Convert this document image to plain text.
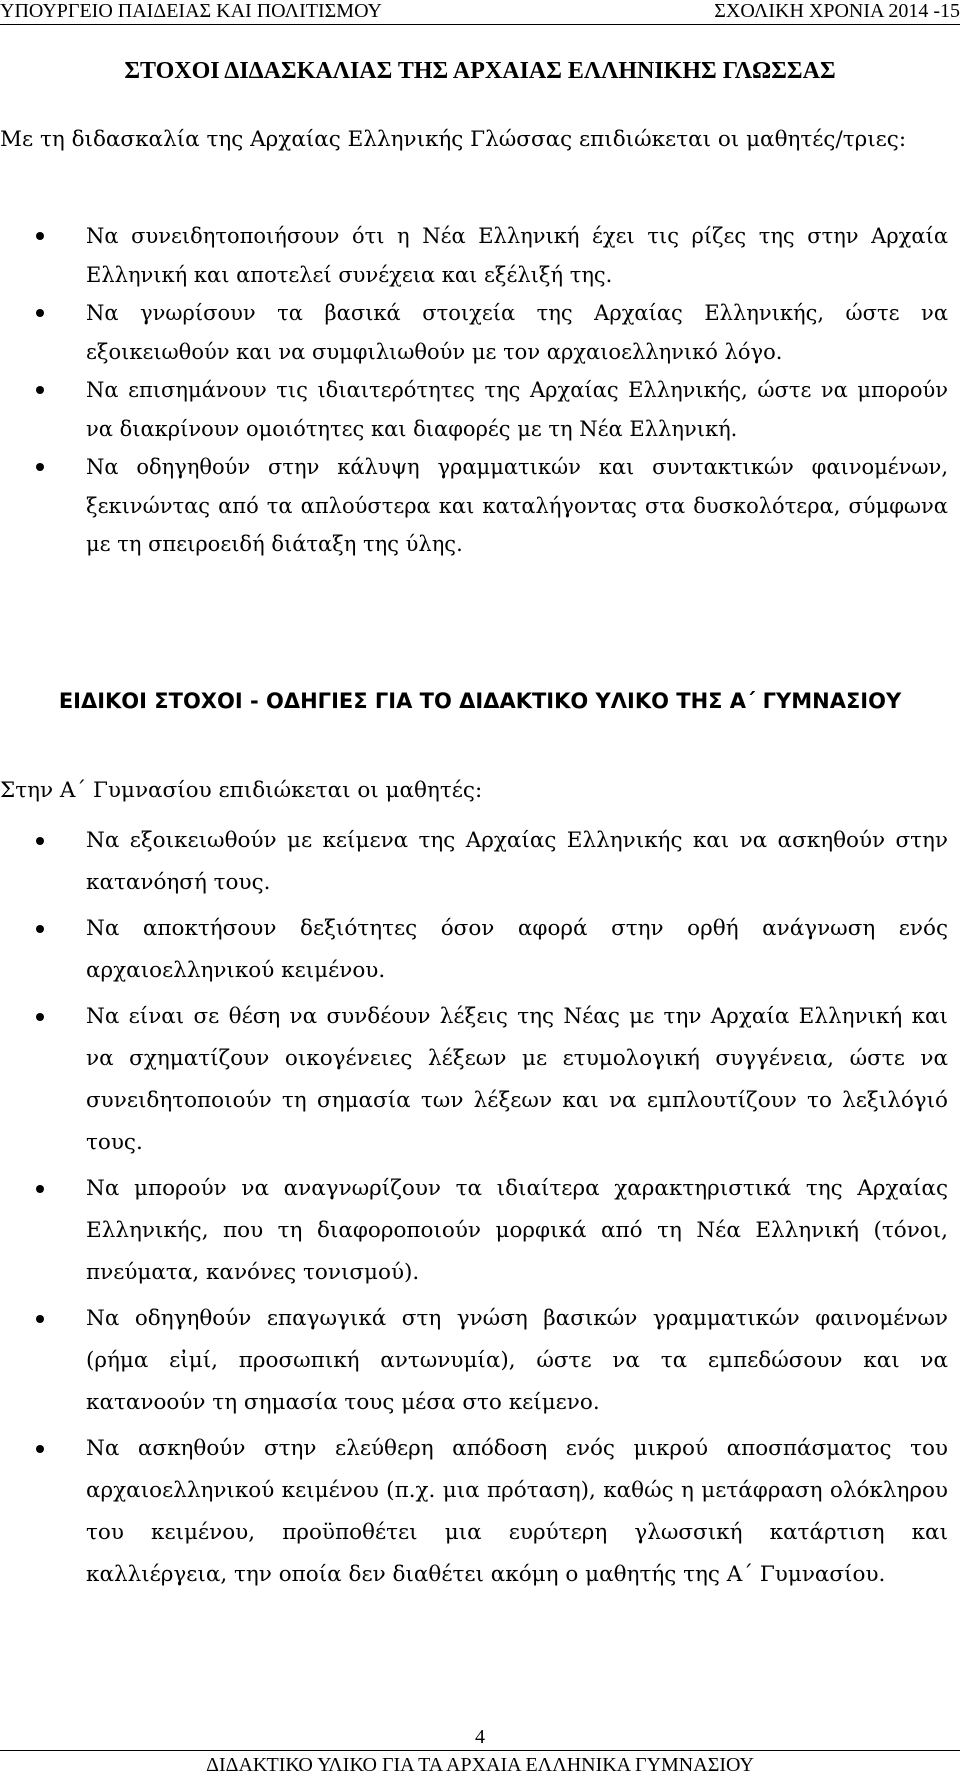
ΥΠΟΥΡΓΕΙΟ ΠΑΙΔΕΙΑΣ ΚΑΙ ΠΟΛΙΤΙΣΜΟΥ	ΣΧΟΛΙΚΗ ΧΡΟΝΙΑ 2014 -15
ΣΤΟΧΟΙ ΔΙΔΑΣΚΑΛΙΑΣ ΤΗΣ ΑΡΧΑΙΑΣ ΕΛΛΗΝΙΚΗΣ ΓΛΩΣΣΑΣ

Με τη διδασκαλία της Αρχαίας Ελληνικής Γλώσσας επιδιώκεται οι μαθητές/τριες:

Να συνειδητοποιήσουν ότι η Νέα Ελληνική έχει τις ρίζες της στην Αρχαία Ελληνική και αποτελεί συνέχεια και εξέλιξή της.
Να γνωρίσουν τα βασικά στοιχεία της Αρχαίας Ελληνικής, ώστε να εξοικειωθούν και να συμφιλιωθούν με τον αρχαιοελληνικό λόγο.
Να επισημάνουν τις ιδιαιτερότητες της Αρχαίας Ελληνικής, ώστε να μπορούν να διακρίνουν ομοιότητες και διαφορές με τη Νέα Ελληνική.
Να οδηγηθούν στην κάλυψη γραμματικών και συντακτικών φαινομένων, ξεκινώντας από τα απλούστερα και καταλήγοντας στα δυσκολότερα, σύμφωνα με τη σπειροειδή διάταξη της ύλης.
ΕΙΔΙΚΟΙ ΣΤΟΧΟΙ - ΟΔΗΓΙΕΣ ΓΙΑ ΤΟ ΔΙΔΑΚΤΙΚΟ ΥΛΙΚΟ ΤΗΣ Α΄ ΓΥΜΝΑΣΙΟΥ

Στην Α΄ Γυμνασίου επιδιώκεται οι μαθητές:

Να εξοικειωθούν με κείμενα της Αρχαίας Ελληνικής και να ασκηθούν στην κατανόησή τους.
Να αποκτήσουν δεξιότητες όσον αφορά στην ορθή ανάγνωση ενός αρχαιοελληνικού κειμένου.
Να είναι σε θέση να συνδέουν λέξεις της Νέας με την Αρχαία Ελληνική και να σχηματίζουν οικογένειες λέξεων με ετυμολογική συγγένεια, ώστε να συνειδητοποιούν τη σημασία των λέξεων και να εμπλουτίζουν το λεξιλόγιό τους.
Να μπορούν να αναγνωρίζουν τα ιδιαίτερα χαρακτηριστικά της Αρχαίας Ελληνικής, που τη διαφοροποιούν μορφικά από τη Νέα Ελληνική (τόνοι, πνεύματα, κανόνες τονισμού).
Να οδηγηθούν επαγωγικά στη γνώση βασικών γραμματικών φαινομένων (ρήμα εἰμί, προσωπική αντωνυμία), ώστε να τα εμπεδώσουν και να κατανοούν τη σημασία τους μέσα στο κείμενο.
Να ασκηθούν στην ελεύθερη απόδοση ενός μικρού αποσπάσματος του αρχαιοελληνικού κειμένου (π.χ. μια πρόταση), καθώς η μετάφραση ολόκληρου του κειμένου, προϋποθέτει μια ευρύτερη γλωσσική κατάρτιση και καλλιέργεια, την οποία δεν διαθέτει ακόμη ο μαθητής της Α΄ Γυμνασίου.
4
ΔΙΔΑΚΤΙΚΟ ΥΛΙΚΟ ΓΙΑ ΤΑ ΑΡΧΑΙΑ ΕΛΛΗΝΙΚΑ ΓΥΜΝΑΣΙΟΥ
